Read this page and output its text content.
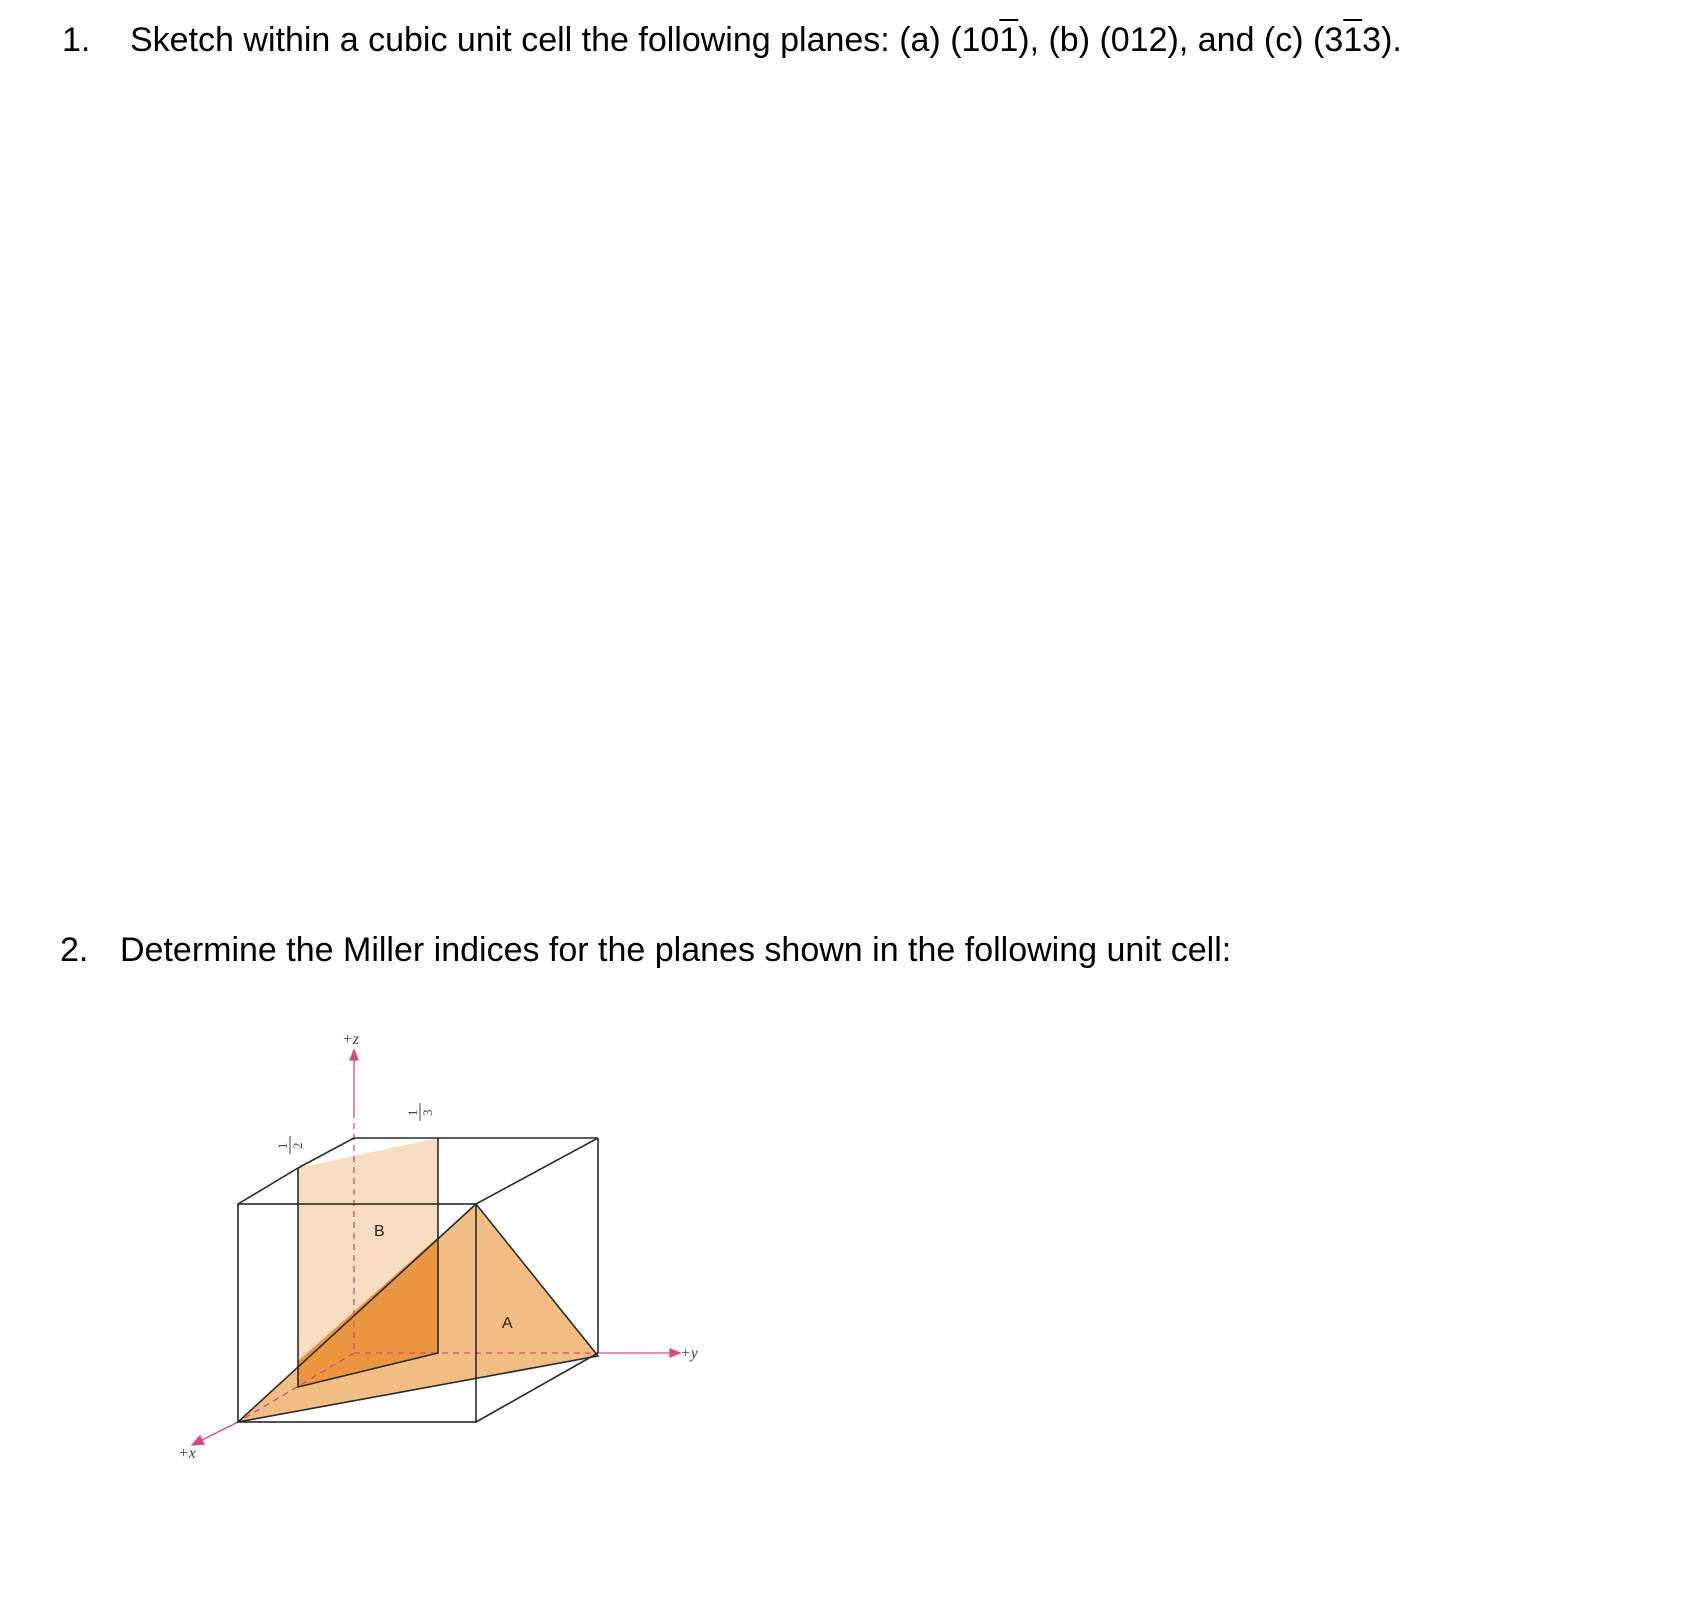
1. Sketch within a cubic unit cell the following planes: (a) (101), (b) (012), and (c) (313).
2. Determine the Miller indices for the planes shown in the following unit cell:
+z
+y
+x
1 2
1 3
B
A
